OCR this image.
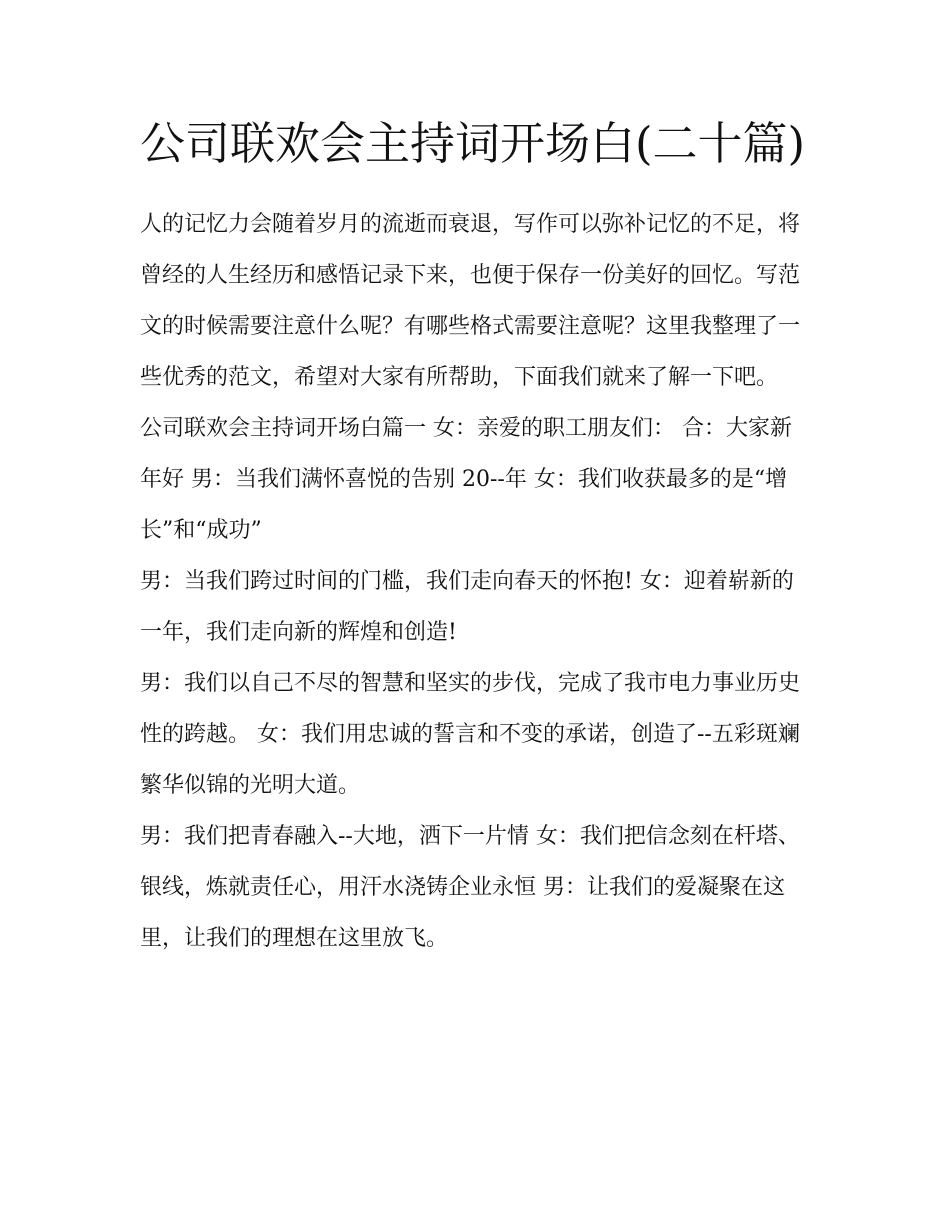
公司联欢会主持词开场白(二十篇)

人的记忆力会随着岁月的流逝而衰退，写作可以弥补记忆的不足，将曾经的人生经历和感悟记录下来，也便于保存一份美好的回忆。写范文的时候需要注意什么呢？有哪些格式需要注意呢？这里我整理了一些优秀的范文，希望对大家有所帮助，下面我们就来了解一下吧。

公司联欢会主持词开场白篇一 女：亲爱的职工朋友们： 合：大家新年好 男：当我们满怀喜悦的告别 20--年 女：我们收获最多的是“增长”和“成功”

男：当我们跨过时间的门槛，我们走向春天的怀抱! 女：迎着崭新的一年，我们走向新的辉煌和创造!

男：我们以自己不尽的智慧和坚实的步伐，完成了我市电力事业历史性的跨越。 女：我们用忠诚的誓言和不变的承诺，创造了--五彩斑斓繁华似锦的光明大道。

男：我们把青春融入--大地，洒下一片情 女：我们把信念刻在杆塔、银线，炼就责任心，用汗水浇铸企业永恒 男：让我们的爱凝聚在这里，让我们的理想在这里放飞。
